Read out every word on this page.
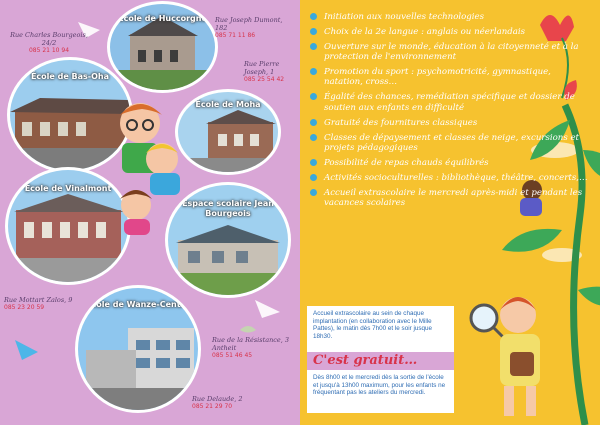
École de Huccorgne
École de Bas-Oha
École de Moha
École de Vinalmont
Espace scolaire Jean Bourgeois
École de Wanze-Centre
Rue Charles Bourgeois, 24/2
085 21 10 94
Rue Joseph Dumont, 182
085 71 11 86
Rue Pierre Joseph, 1
085 25 54 42
Rue Mottart Zalos, 9
085 23 20 59
Rue de la Résistance, 3 Antheit
085 51 46 45
Rue Delaude, 2
085 21 29 70
Initiation aux nouvelles technologies
Choix de la 2e langue : anglais ou néerlandais
Ouverture sur le monde, éducation à la citoyenneté et à la protection de l'environnement
Promotion du sport : psychomotricité, gymnastique, natation, cross…
Égalité des chances, remédiation spécifique et dossier de soutien aux enfants en difficulté
Gratuité des fournitures classiques
Classes de dépaysement et classes de neige, excursions et projets pédagogiques
Possibilité de repas chauds équilibrés
Activités socioculturelles : bibliothèque, théâtre, concerts,…
Accueil extrascolaire le mercredi après-midi et pendant les vacances scolaires
Accueil extrascolaire au sein de chaque implantation (en collaboration avec le Mille Pattes), le matin dès 7h00 et le soir jusque 18h30.
C'est gratuit…
Dès 8h00 et le mercredi dès la sortie de l'école et jusqu'à 13h00 maximum, pour les enfants ne fréquentant pas les ateliers du mercredi.
